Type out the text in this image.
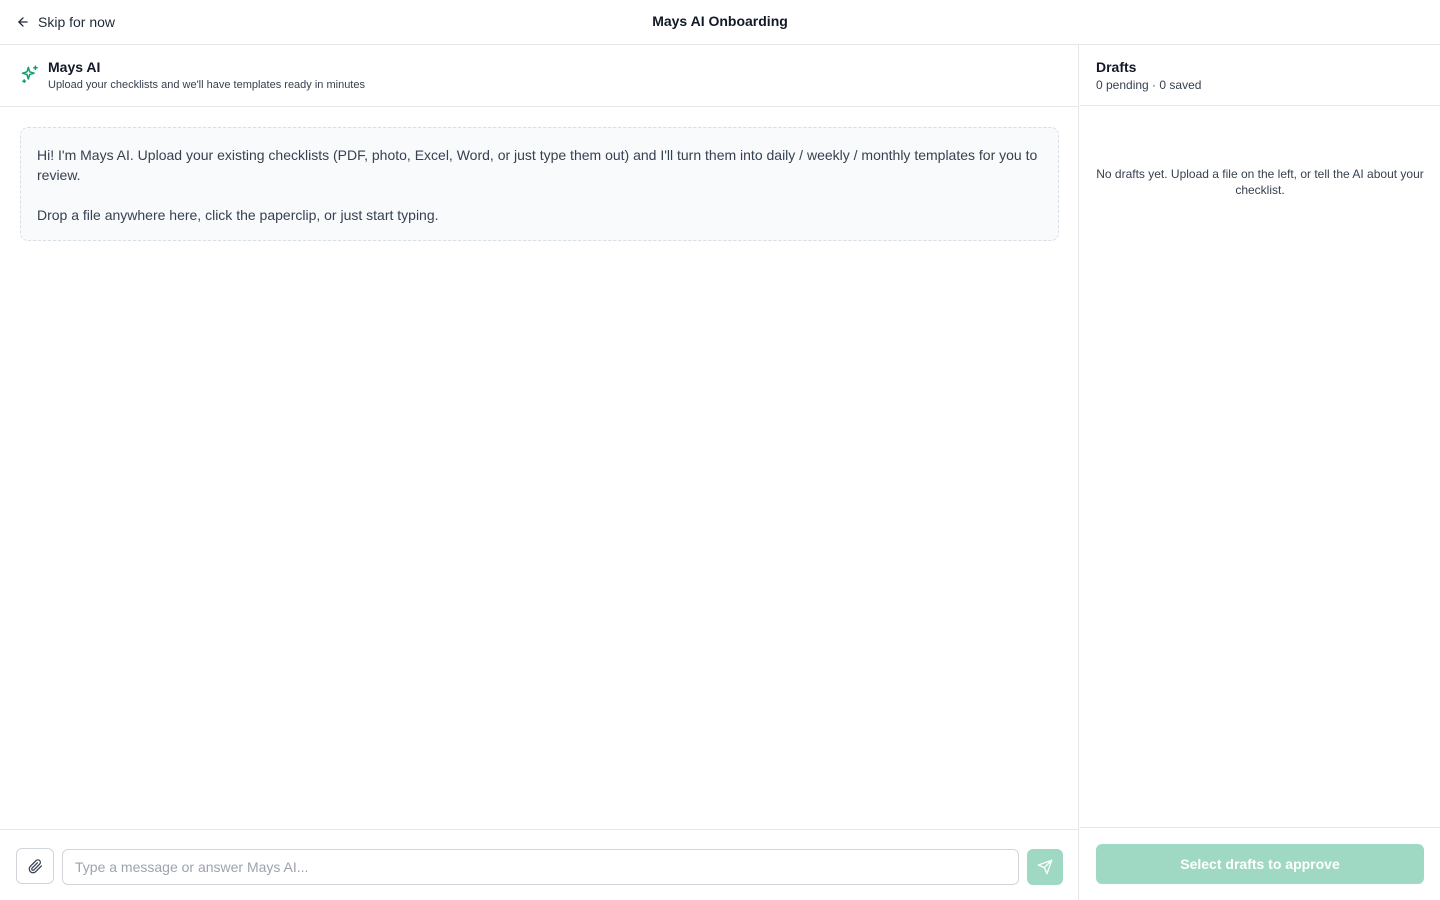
Skip for now	Mays AI Onboarding
Mays AI
Upload your checklists and we'll have templates ready in minutes

Hi! I'm Mays AI. Upload your existing checklists (PDF, photo, Excel, Word, or just type them out) and I'll turn them into daily / weekly / monthly templates for you to review.

Drop a file anywhere here, click the paperclip, or just start typing.

Type a message or answer Mays AI...
Drafts
0 pending · 0 saved
No drafts yet. Upload a file on the left, or tell the AI about your checklist.
Select drafts to approve
